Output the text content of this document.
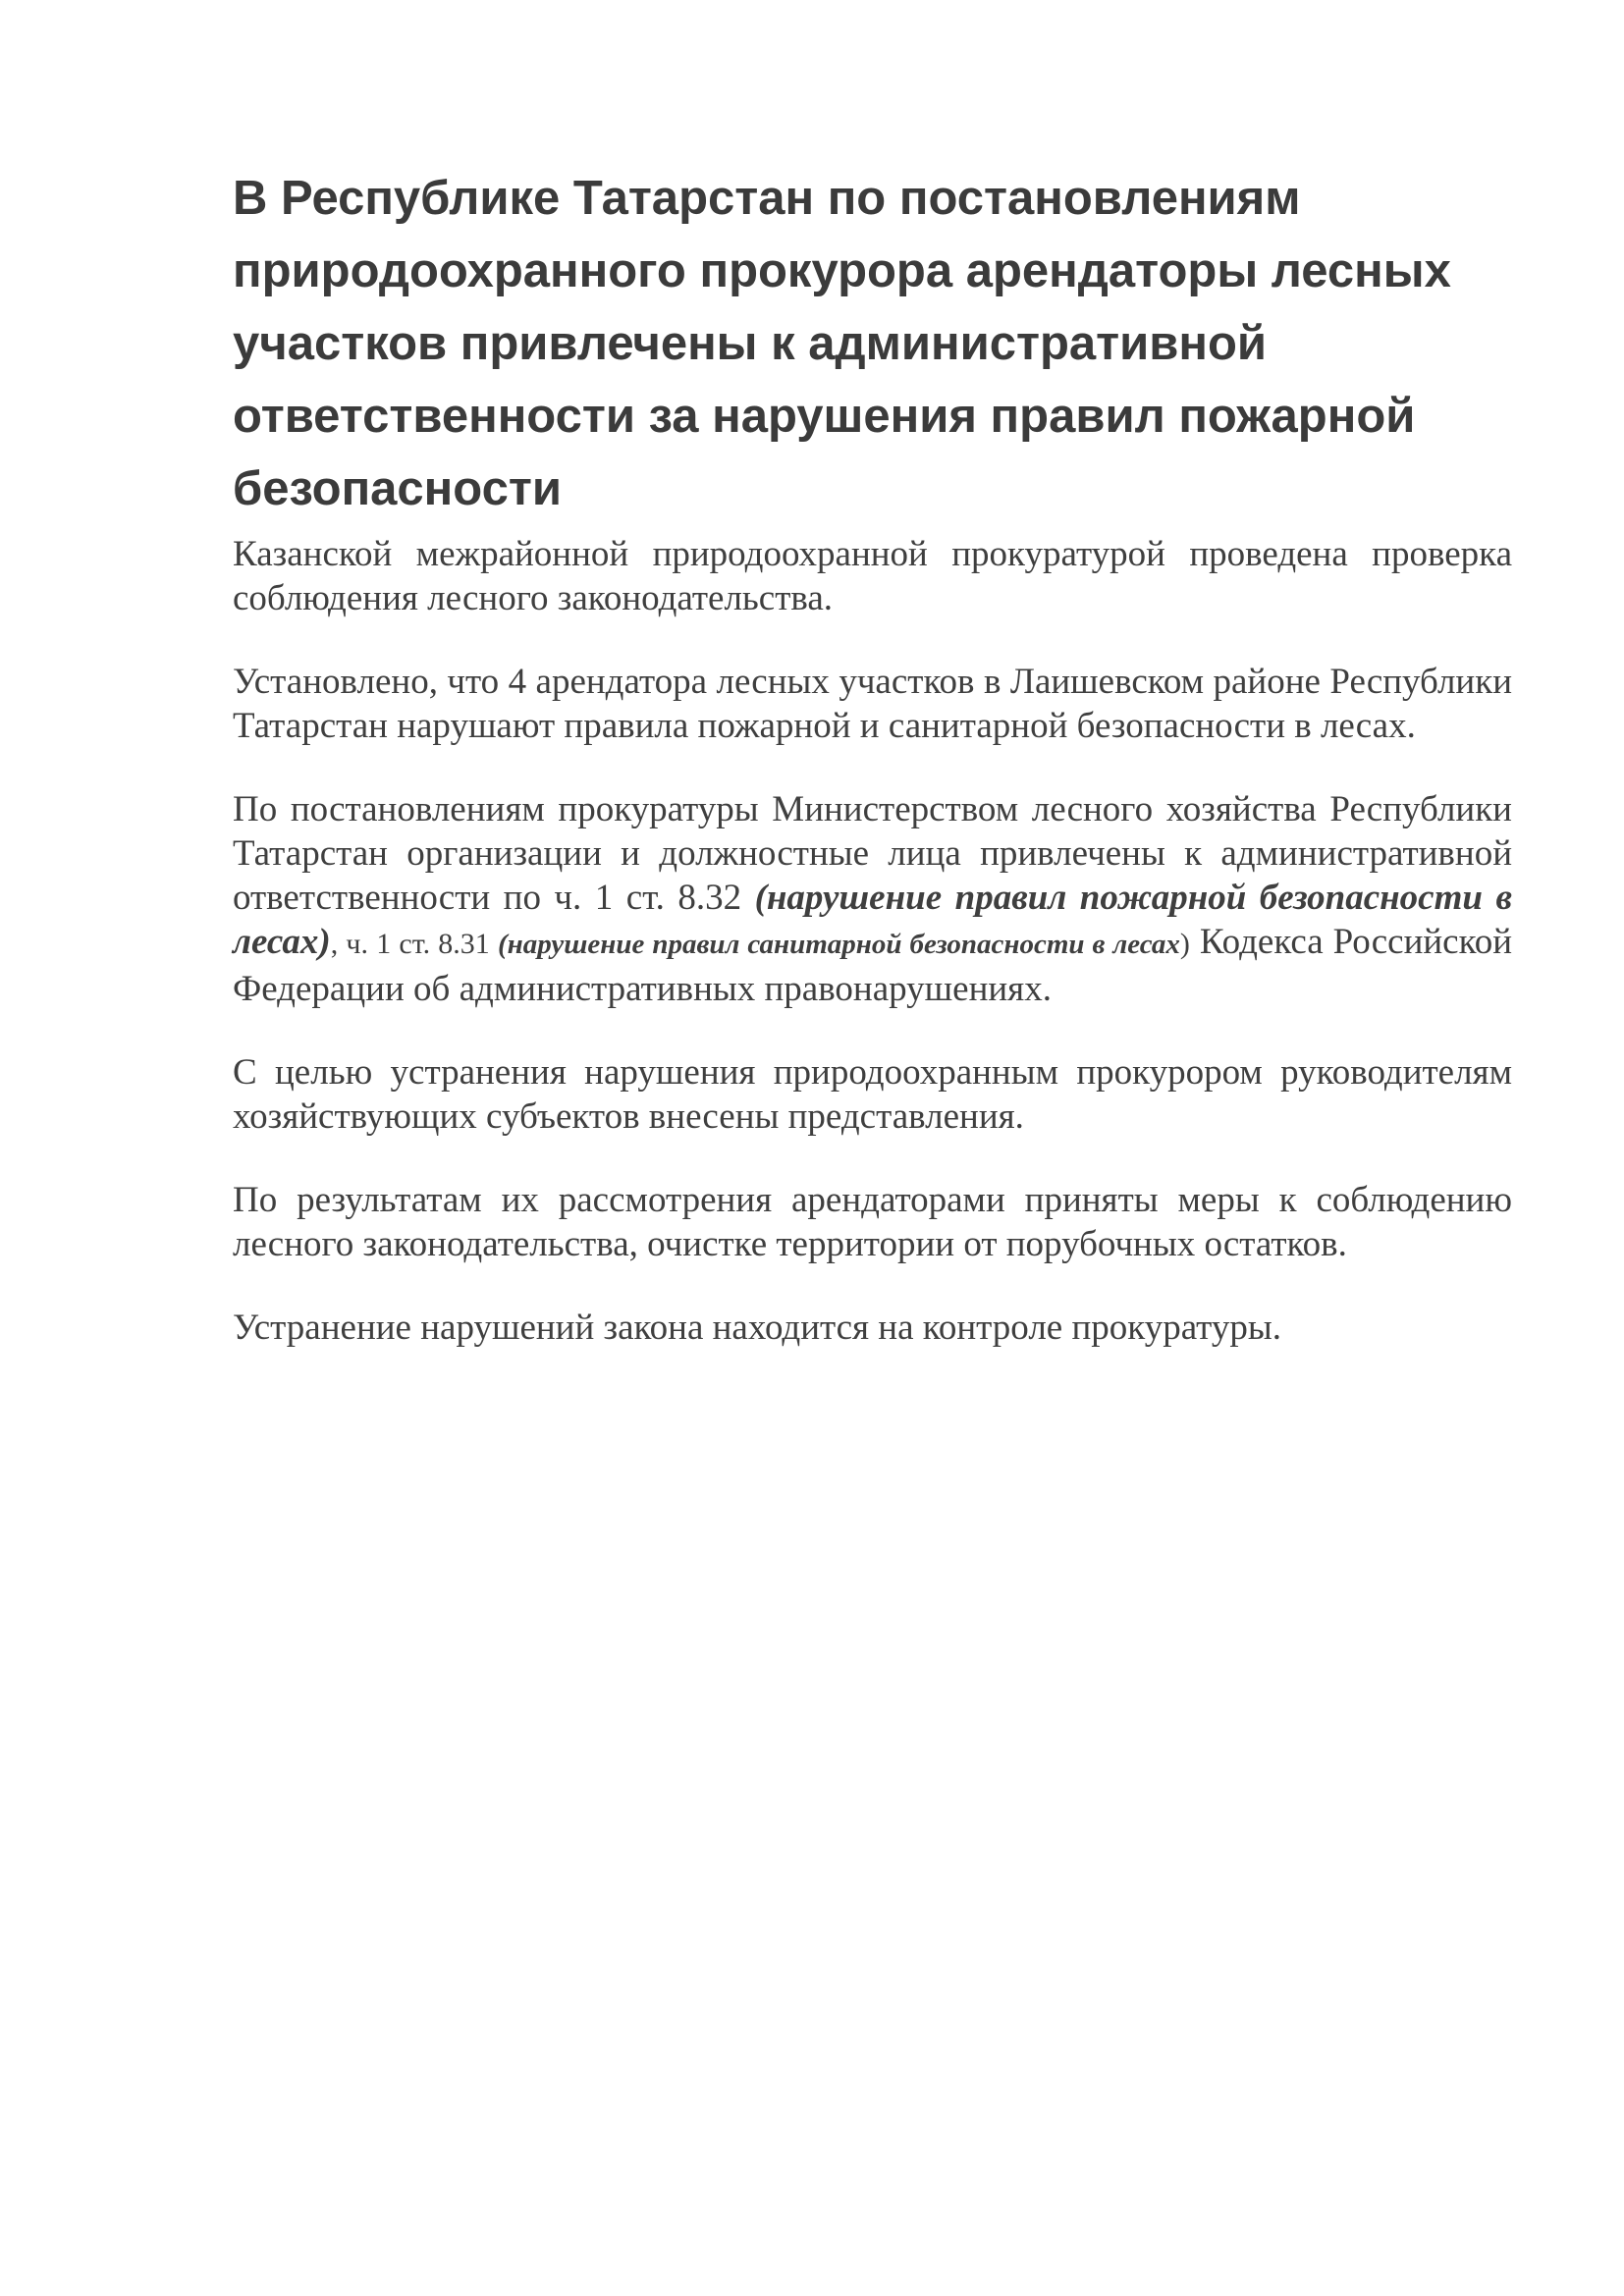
В Республике Татарстан по постановлениям природоохранного прокурора арендаторы лесных участков привлечены к административной ответственности за нарушения правил пожарной безопасности

Казанской межрайонной природоохранной прокуратурой проведена проверка соблюдения лесного законодательства.

Установлено, что 4 арендатора лесных участков в Лаишевском районе Республики Татарстан нарушают правила пожарной и санитарной безопасности в лесах.

По постановлениям прокуратуры Министерством лесного хозяйства Республики Татарстан организации и должностные лица привлечены к административной ответственности по ч. 1 ст. 8.32 (нарушение правил пожарной безопасности в лесах), ч. 1 ст. 8.31 (нарушение правил санитарной безопасности в лесах) Кодекса Российской Федерации об административных правонарушениях.

С целью устранения нарушения природоохранным прокурором руководителям хозяйствующих субъектов внесены представления.

По результатам их рассмотрения арендаторами приняты меры к соблюдению лесного законодательства, очистке территории от порубочных остатков.

Устранение нарушений закона находится на контроле прокуратуры.
